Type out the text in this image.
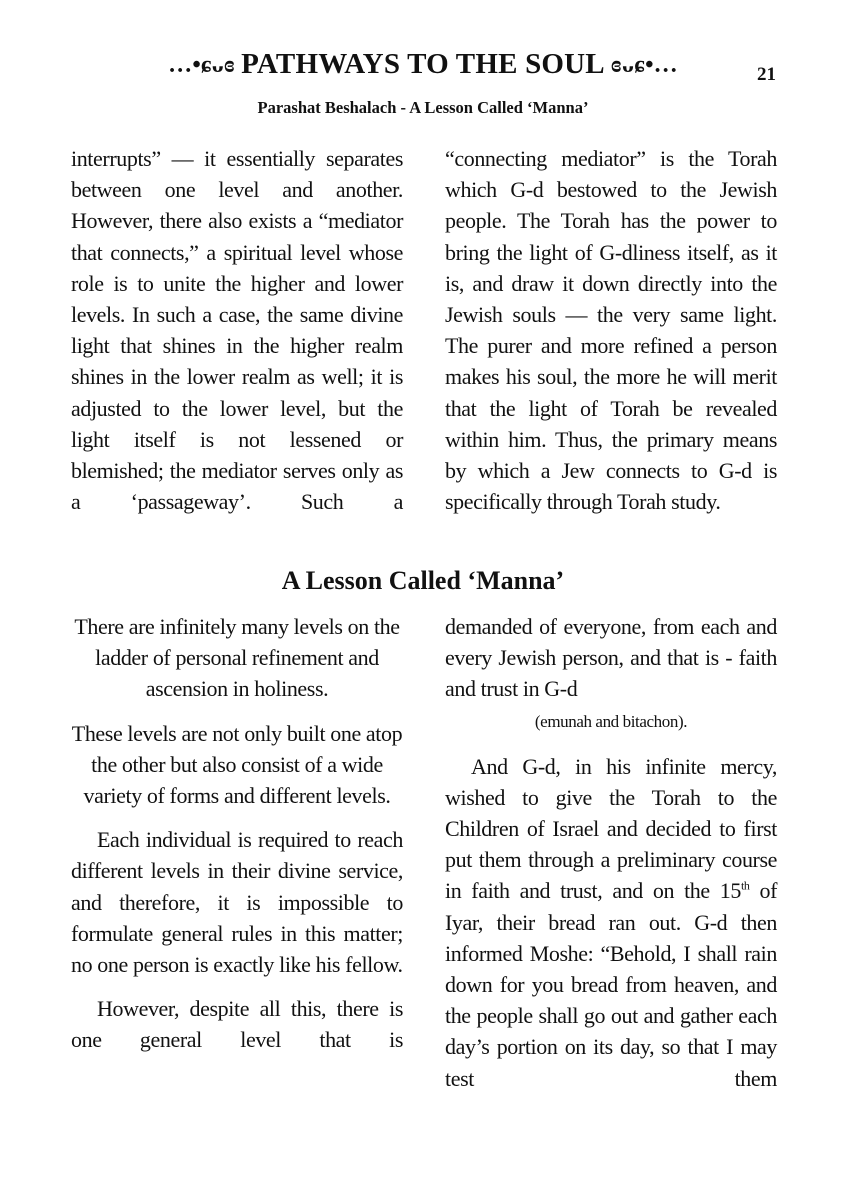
…•ɕᴗɞ PATHWAYS TO THE SOUL ɞᴗɕ•…	21
Parashat Beshalach - A Lesson Called ‘Manna’

interrupts” — it essentially separates between one level and another. However, there also exists a “mediator that connects,” a spiritual level whose role is to unite the higher and lower levels. In such a case, the same divine light that shines in the higher realm shines in the lower realm as well; it is adjusted to the lower level, but the light itself is not lessened or blemished; the mediator serves only as a ‘passageway’. Such a

“connecting mediator” is the Torah which G-d bestowed to the Jewish people. The Torah has the power to bring the light of G-dliness itself, as it is, and draw it down directly into the Jewish souls — the very same light. The purer and more refined a person makes his soul, the more he will merit that the light of Torah be revealed within him. Thus, the primary means by which a Jew connects to G-d is specifically through Torah study.

A Lesson Called ‘Manna’

There are infinitely many levels on the ladder of personal refinement and ascension in holiness.

These levels are not only built one atop the other but also consist of a wide variety of forms and different levels.

Each individual is required to reach different levels in their divine service, and therefore, it is impossible to formulate general rules in this matter; no one person is exactly like his fellow.

However, despite all this, there is one general level that is

demanded of everyone, from each and every Jewish person, and that is - faith and trust in G-d

(emunah and bitachon).

And G-d, in his infinite mercy, wished to give the Torah to the Children of Israel and decided to first put them through a preliminary course in faith and trust, and on the 15th of Iyar, their bread ran out. G-d then informed Moshe: “Behold, I shall rain down for you bread from heaven, and the people shall go out and gather each day’s portion on its day, so that I may test them
